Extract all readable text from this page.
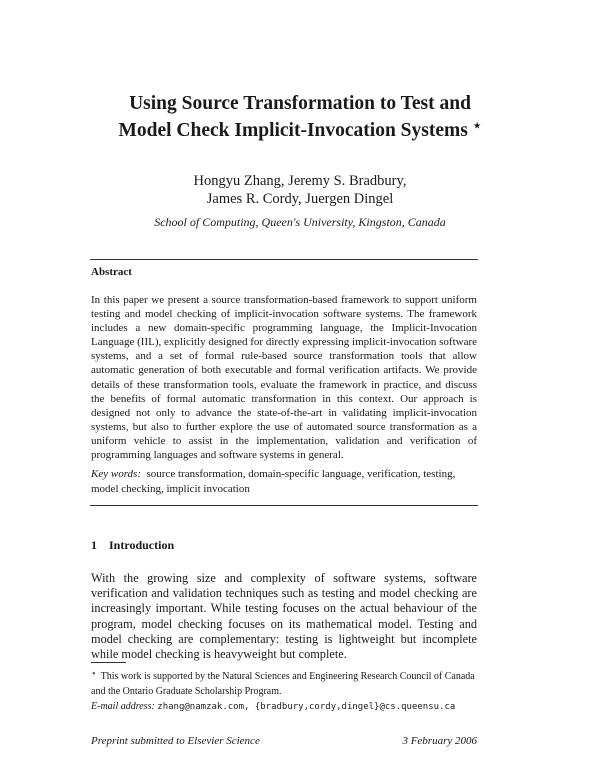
Using Source Transformation to Test and
Model Check Implicit-Invocation Systems ⋆
Hongyu Zhang, Jeremy S. Bradbury,
James R. Cordy, Juergen Dingel
School of Computing, Queen's University, Kingston, Canada
Abstract

In this paper we present a source transformation-based framework to support uniform testing and model checking of implicit-invocation software systems. The framework includes a new domain-specific programming language, the Implicit-Invocation Language (IIL), explicitly designed for directly expressing implicit-invocation software systems, and a set of formal rule-based source transformation tools that allow automatic generation of both executable and formal verification artifacts. We provide details of these transformation tools, evaluate the framework in practice, and discuss the benefits of formal automatic transformation in this context. Our approach is designed not only to advance the state-of-the-art in validating implicit-invocation systems, but also to further explore the use of automated source transformation as a uniform vehicle to assist in the implementation, validation and verification of programming languages and software systems in general.

Key words: source transformation, domain-specific language, verification, testing, model checking, implicit invocation

1 Introduction

With the growing size and complexity of software systems, software verification and validation techniques such as testing and model checking are increasingly important. While testing focuses on the actual behaviour of the program, model checking focuses on its mathematical model. Testing and model checking are complementary: testing is lightweight but incomplete while model checking is heavyweight but complete.

⋆ This work is supported by the Natural Sciences and Engineering Research Council of Canada and the Ontario Graduate Scholarship Program.
E-mail address: zhang@namzak.com, {bradbury,cordy,dingel}@cs.queensu.ca

Preprint submitted to Elsevier Science	3 February 2006
